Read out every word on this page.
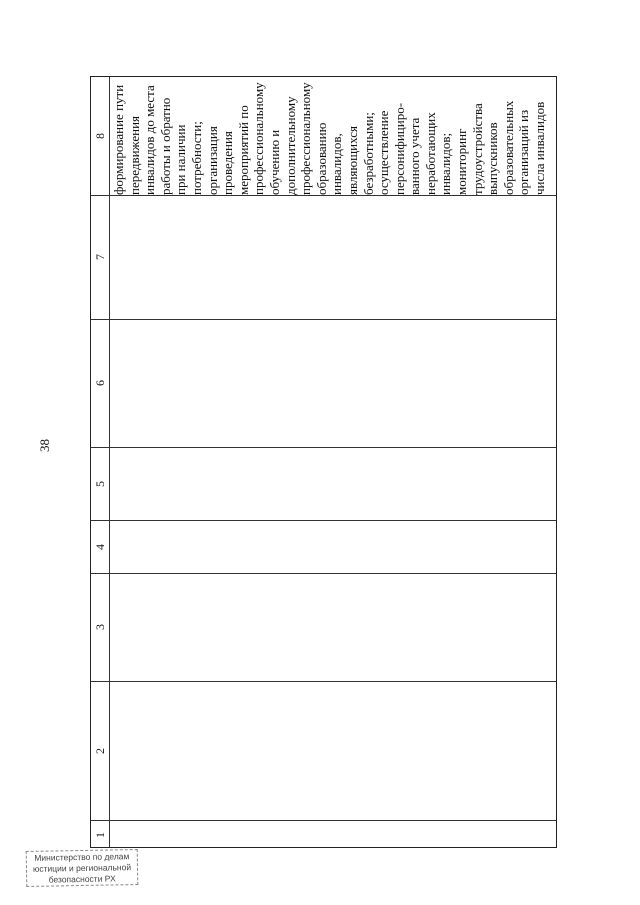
38
8
7
6
5
4
3
2
1
формирование пути передвижения инвалидов до места работы и обратно при наличии потребности; организация проведения мероприятий по профессиональному обучению и дополнительному профессиональному образованию инвалидов, являющихся безработными; осуществление персонифициро- ванного учета неработающих инвалидов; мониторинг трудоустройства выпускников образовательных организаций из числа инвалидов
Министерство по делам
юстиции и региональной
безопасности РХ
